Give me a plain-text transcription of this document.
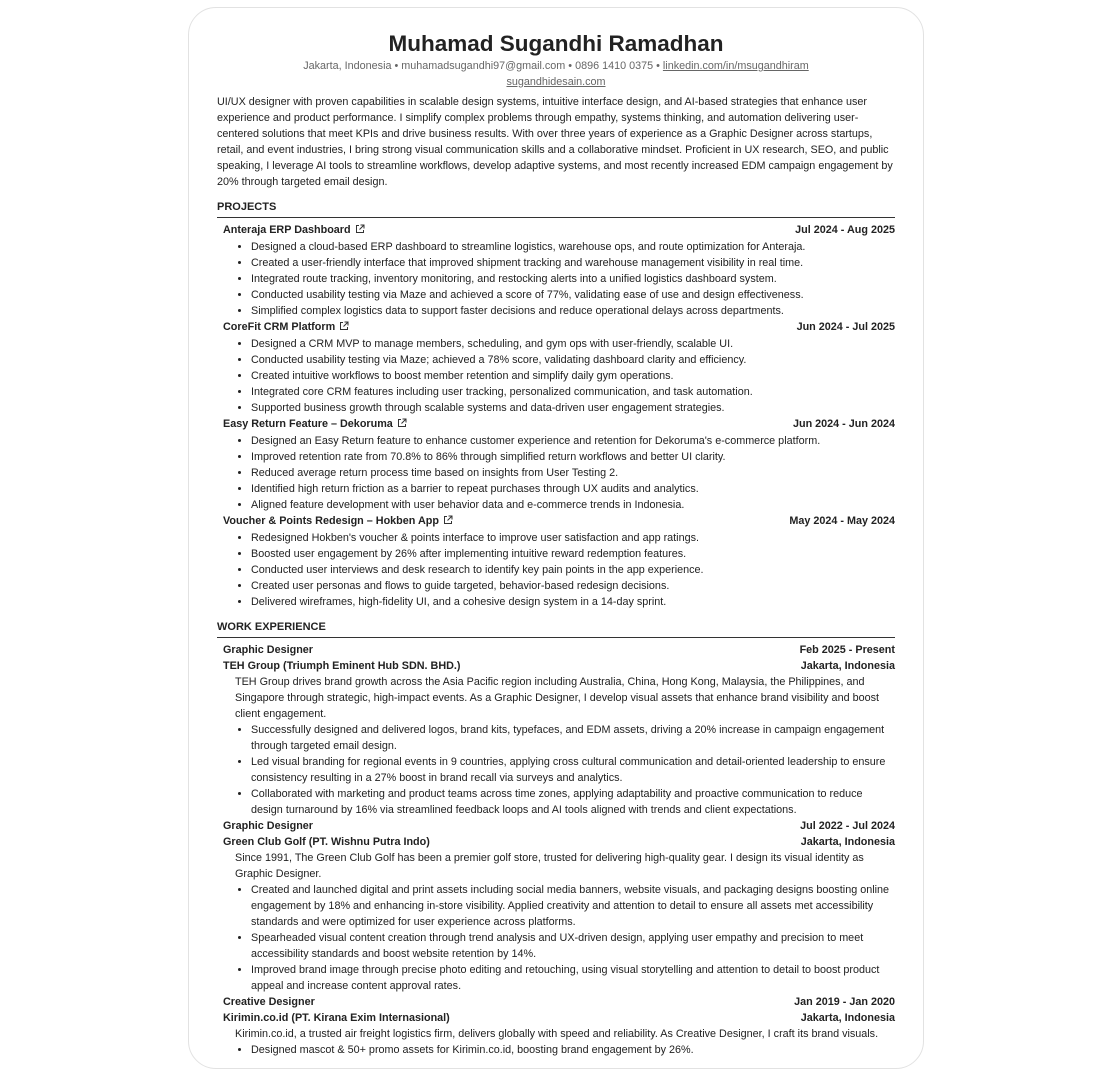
Muhamad Sugandhi Ramadhan
Jakarta, Indonesia • muhamadsugandhi97@gmail.com • 0896 1410 0375 • linkedin.com/in/msugandhiram
sugandhidesain.com
UI/UX designer with proven capabilities in scalable design systems, intuitive interface design, and AI-based strategies that enhance user experience and product performance. I simplify complex problems through empathy, systems thinking, and automation delivering user-centered solutions that meet KPIs and drive business results. With over three years of experience as a Graphic Designer across startups, retail, and event industries, I bring strong visual communication skills and a collaborative mindset. Proficient in UX research, SEO, and public speaking, I leverage AI tools to streamline workflows, develop adaptive systems, and most recently increased EDM campaign engagement by 20% through targeted email design.
PROJECTS
Anteraja ERP Dashboard	Jul 2024 - Aug 2025
• Designed a cloud-based ERP dashboard to streamline logistics, warehouse ops, and route optimization for Anteraja.
• Created a user-friendly interface that improved shipment tracking and warehouse management visibility in real time.
• Integrated route tracking, inventory monitoring, and restocking alerts into a unified logistics dashboard system.
• Conducted usability testing via Maze and achieved a score of 77%, validating ease of use and design effectiveness.
• Simplified complex logistics data to support faster decisions and reduce operational delays across departments.
CoreFit CRM Platform	Jun 2024 - Jul 2025
• Designed a CRM MVP to manage members, scheduling, and gym ops with user-friendly, scalable UI.
• Conducted usability testing via Maze; achieved a 78% score, validating dashboard clarity and efficiency.
• Created intuitive workflows to boost member retention and simplify daily gym operations.
• Integrated core CRM features including user tracking, personalized communication, and task automation.
• Supported business growth through scalable systems and data-driven user engagement strategies.
Easy Return Feature – Dekoruma	Jun 2024 - Jun 2024
• Designed an Easy Return feature to enhance customer experience and retention for Dekoruma's e-commerce platform.
• Improved retention rate from 70.8% to 86% through simplified return workflows and better UI clarity.
• Reduced average return process time based on insights from User Testing 2.
• Identified high return friction as a barrier to repeat purchases through UX audits and analytics.
• Aligned feature development with user behavior data and e-commerce trends in Indonesia.
Voucher & Points Redesign – Hokben App	May 2024 - May 2024
• Redesigned Hokben's voucher & points interface to improve user satisfaction and app ratings.
• Boosted user engagement by 26% after implementing intuitive reward redemption features.
• Conducted user interviews and desk research to identify key pain points in the app experience.
• Created user personas and flows to guide targeted, behavior-based redesign decisions.
• Delivered wireframes, high-fidelity UI, and a cohesive design system in a 14-day sprint.
WORK EXPERIENCE
Graphic Designer	Feb 2025 - Present
TEH Group (Triumph Eminent Hub SDN. BHD.)	Jakarta, Indonesia
TEH Group drives brand growth across the Asia Pacific region including Australia, China, Hong Kong, Malaysia, the Philippines, and Singapore through strategic, high-impact events. As a Graphic Designer, I develop visual assets that enhance brand visibility and boost client engagement.
• Successfully designed and delivered logos, brand kits, typefaces, and EDM assets, driving a 20% increase in campaign engagement through targeted email design.
• Led visual branding for regional events in 9 countries, applying cross cultural communication and detail-oriented leadership to ensure consistency resulting in a 27% boost in brand recall via surveys and analytics.
• Collaborated with marketing and product teams across time zones, applying adaptability and proactive communication to reduce design turnaround by 16% via streamlined feedback loops and AI tools aligned with trends and client expectations.
Graphic Designer	Jul 2022 - Jul 2024
Green Club Golf (PT. Wishnu Putra Indo)	Jakarta, Indonesia
Since 1991, The Green Club Golf has been a premier golf store, trusted for delivering high-quality gear. I design its visual identity as Graphic Designer.
• Created and launched digital and print assets including social media banners, website visuals, and packaging designs boosting online engagement by 18% and enhancing in-store visibility. Applied creativity and attention to detail to ensure all assets met accessibility standards and were optimized for user experience across platforms.
• Spearheaded visual content creation through trend analysis and UX-driven design, applying user empathy and precision to meet accessibility standards and boost website retention by 14%.
• Improved brand image through precise photo editing and retouching, using visual storytelling and attention to detail to boost product appeal and increase content approval rates.
Creative Designer	Jan 2019 - Jan 2020
Kirimin.co.id (PT. Kirana Exim Internasional)	Jakarta, Indonesia
Kirimin.co.id, a trusted air freight logistics firm, delivers globally with speed and reliability. As Creative Designer, I craft its brand visuals.
• Designed mascot & 50+ promo assets for Kirimin.co.id, boosting brand engagement by 26%.
